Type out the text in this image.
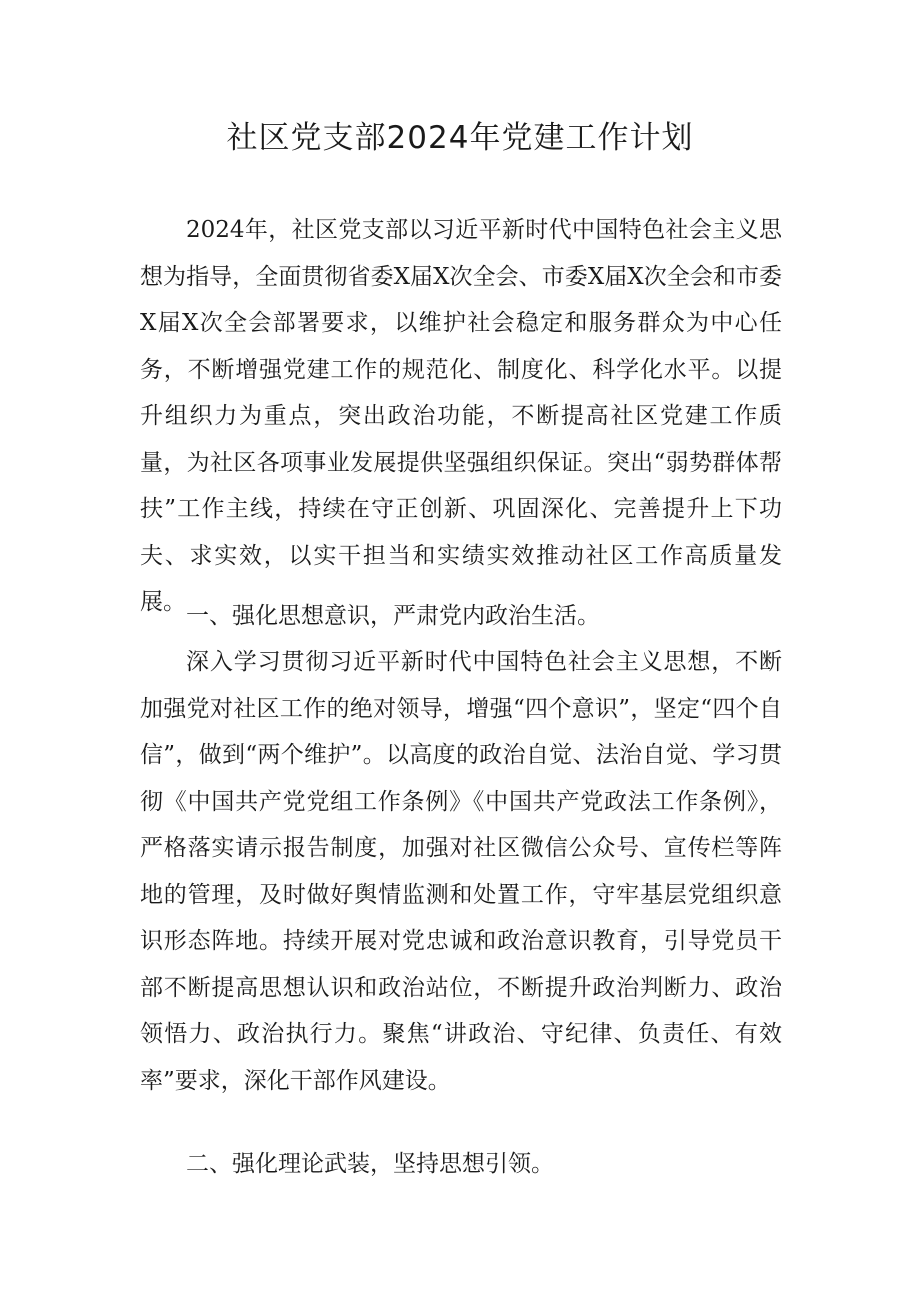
社区党支部2024年党建工作计划

2024年，社区党支部以习近平新时代中国特色社会主义思想为指导，全面贯彻省委X届X次全会、市委X届X次全会和市委X届X次全会部署要求，以维护社会稳定和服务群众为中心任务，不断增强党建工作的规范化、制度化、科学化水平。以提升组织力为重点，突出政治功能，不断提高社区党建工作质量，为社区各项事业发展提供坚强组织保证。突出“弱势群体帮扶”工作主线，持续在守正创新、巩固深化、完善提升上下功夫、求实效，以实干担当和实绩实效推动社区工作高质量发展。

一、强化思想意识，严肃党内政治生活。

深入学习贯彻习近平新时代中国特色社会主义思想，不断加强党对社区工作的绝对领导，增强“四个意识”，坚定“四个自信”，做到“两个维护”。以高度的政治自觉、法治自觉、学习贯彻《中国共产党党组工作条例》《中国共产党政法工作条例》，严格落实请示报告制度，加强对社区微信公众号、宣传栏等阵地的管理，及时做好舆情监测和处置工作，守牢基层党组织意识形态阵地。持续开展对党忠诚和政治意识教育，引导党员干部不断提高思想认识和政治站位，不断提升政治判断力、政治领悟力、政治执行力。聚焦“讲政治、守纪律、负责任、有效率”要求，深化干部作风建设。

二、强化理论武装，坚持思想引领。
